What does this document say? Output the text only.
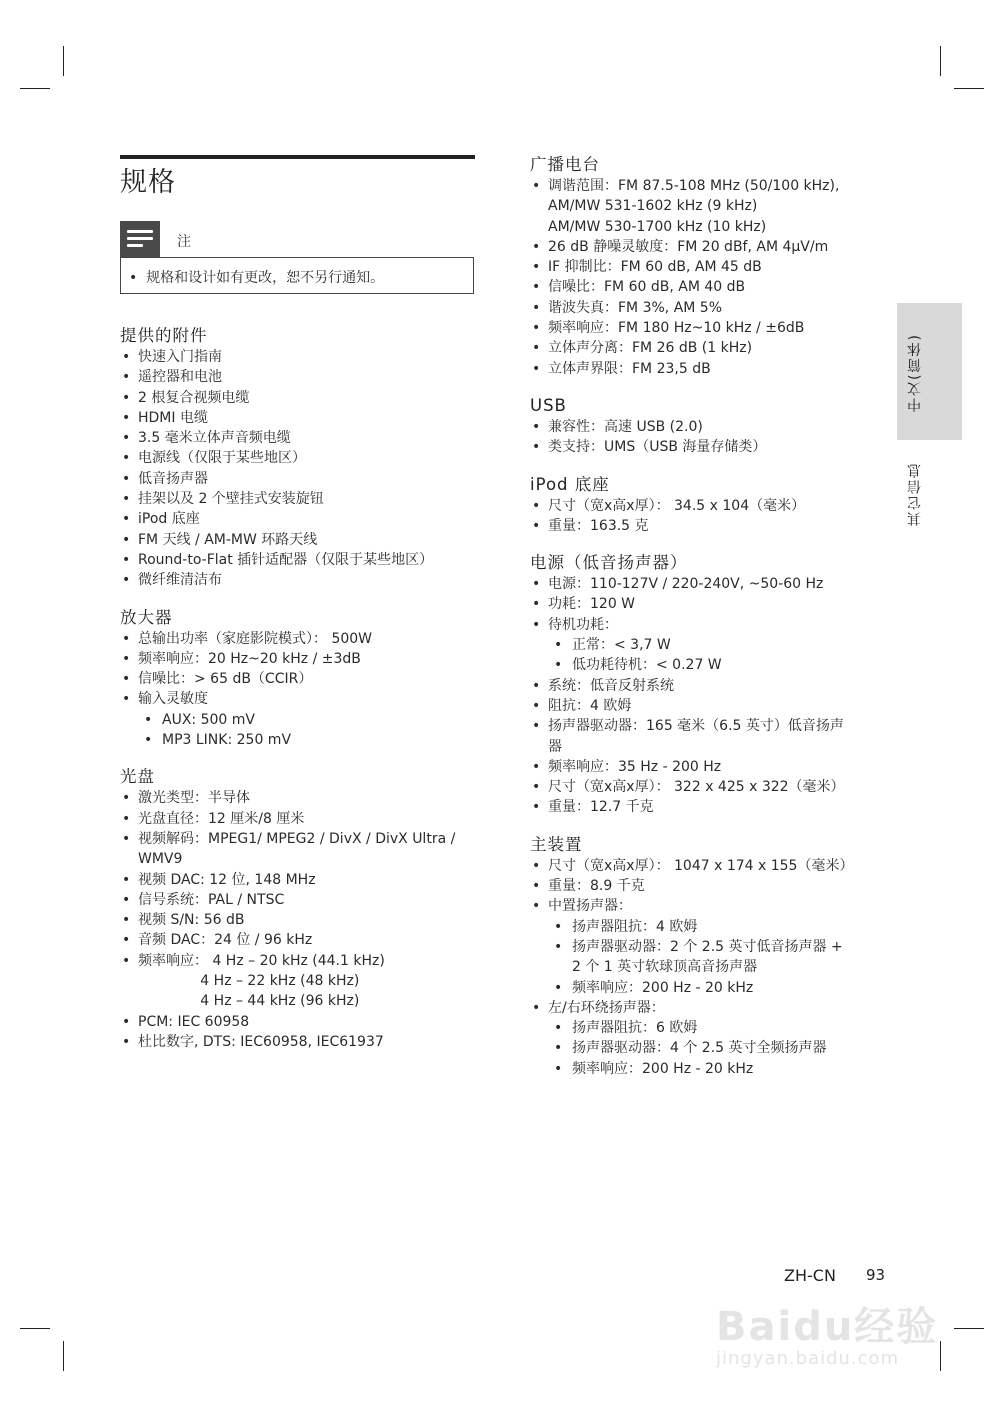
规格
注
•  规格和设计如有更改，恕不另行通知。
提供的附件
• 快速入门指南
• 遥控器和电池
• 2 根复合视频电缆
• HDMI 电缆
• 3.5 毫米立体声音频电缆
• 电源线（仅限于某些地区）
• 低音扬声器
• 挂架以及 2 个壁挂式安装旋钮
• iPod 底座
• FM 天线 / AM-MW 环路天线
• Round-to-Flat 插针适配器（仅限于某些地区）
• 微纤维清洁布
放大器
• 总输出功率（家庭影院模式）： 500W
• 频率响应：20 Hz~20 kHz / ±3dB
• 信噪比：> 65 dB（CCIR）
• 输入灵敏度
• AUX: 500 mV
• MP3 LINK: 250 mV
光盘
• 激光类型：半导体
• 光盘直径：12 厘米/8 厘米
• 视频解码：MPEG1/ MPEG2 / DivX / DivX Ultra /
WMV9
• 视频 DAC: 12 位, 148 MHz
• 信号系统：PAL / NTSC
• 视频 S/N: 56 dB
• 音频 DAC：24 位 / 96 kHz
• 频率响应： 4 Hz – 20 kHz (44.1 kHz)
4 Hz – 22 kHz (48 kHz)
4 Hz – 44 kHz (96 kHz)
• PCM: IEC 60958
• 杜比数字, DTS: IEC60958, IEC61937
广播电台
• 调谐范围：FM 87.5-108 MHz (50/100 kHz),
AM/MW 531-1602 kHz (9 kHz)
AM/MW 530-1700 kHz (10 kHz)
• 26 dB 静噪灵敏度：FM 20 dBf, AM 4μV/m
• IF 抑制比：FM 60 dB, AM 45 dB
• 信噪比：FM 60 dB, AM 40 dB
• 谐波失真：FM 3%, AM 5%
• 频率响应：FM 180 Hz~10 kHz / ±6dB
• 立体声分离：FM 26 dB (1 kHz)
• 立体声界限：FM 23,5 dB
USB
• 兼容性：高速 USB (2.0)
• 类支持：UMS（USB 海量存储类）
iPod 底座
• 尺寸（宽x高x厚）： 34.5 x 104（毫米）
• 重量：163.5 克
电源（低音扬声器）
• 电源：110-127V / 220-240V, ~50-60 Hz
• 功耗：120 W
• 待机功耗：
• 正常：< 3,7 W
• 低功耗待机：< 0.27 W
• 系统：低音反射系统
• 阻抗：4 欧姆
• 扬声器驱动器：165 毫米（6.5 英寸）低音扬声
器
• 频率响应：35 Hz - 200 Hz
• 尺寸（宽x高x厚）： 322 x 425 x 322（毫米）
• 重量：12.7 千克
主装置
• 尺寸（宽x高x厚）： 1047 x 174 x 155（毫米）
• 重量：8.9 千克
• 中置扬声器：
• 扬声器阻抗：4 欧姆
• 扬声器驱动器：2 个 2.5 英寸低音扬声器 +
2 个 1 英寸软球顶高音扬声器
• 频率响应：200 Hz - 20 kHz
• 左/右环绕扬声器：
• 扬声器阻抗：6 欧姆
• 扬声器驱动器：4 个 2.5 英寸全频扬声器
• 频率响应：200 Hz - 20 kHz
中文(简体)
其它信息
ZH-CN 93
Baidu经验
jingyan.baidu.com
